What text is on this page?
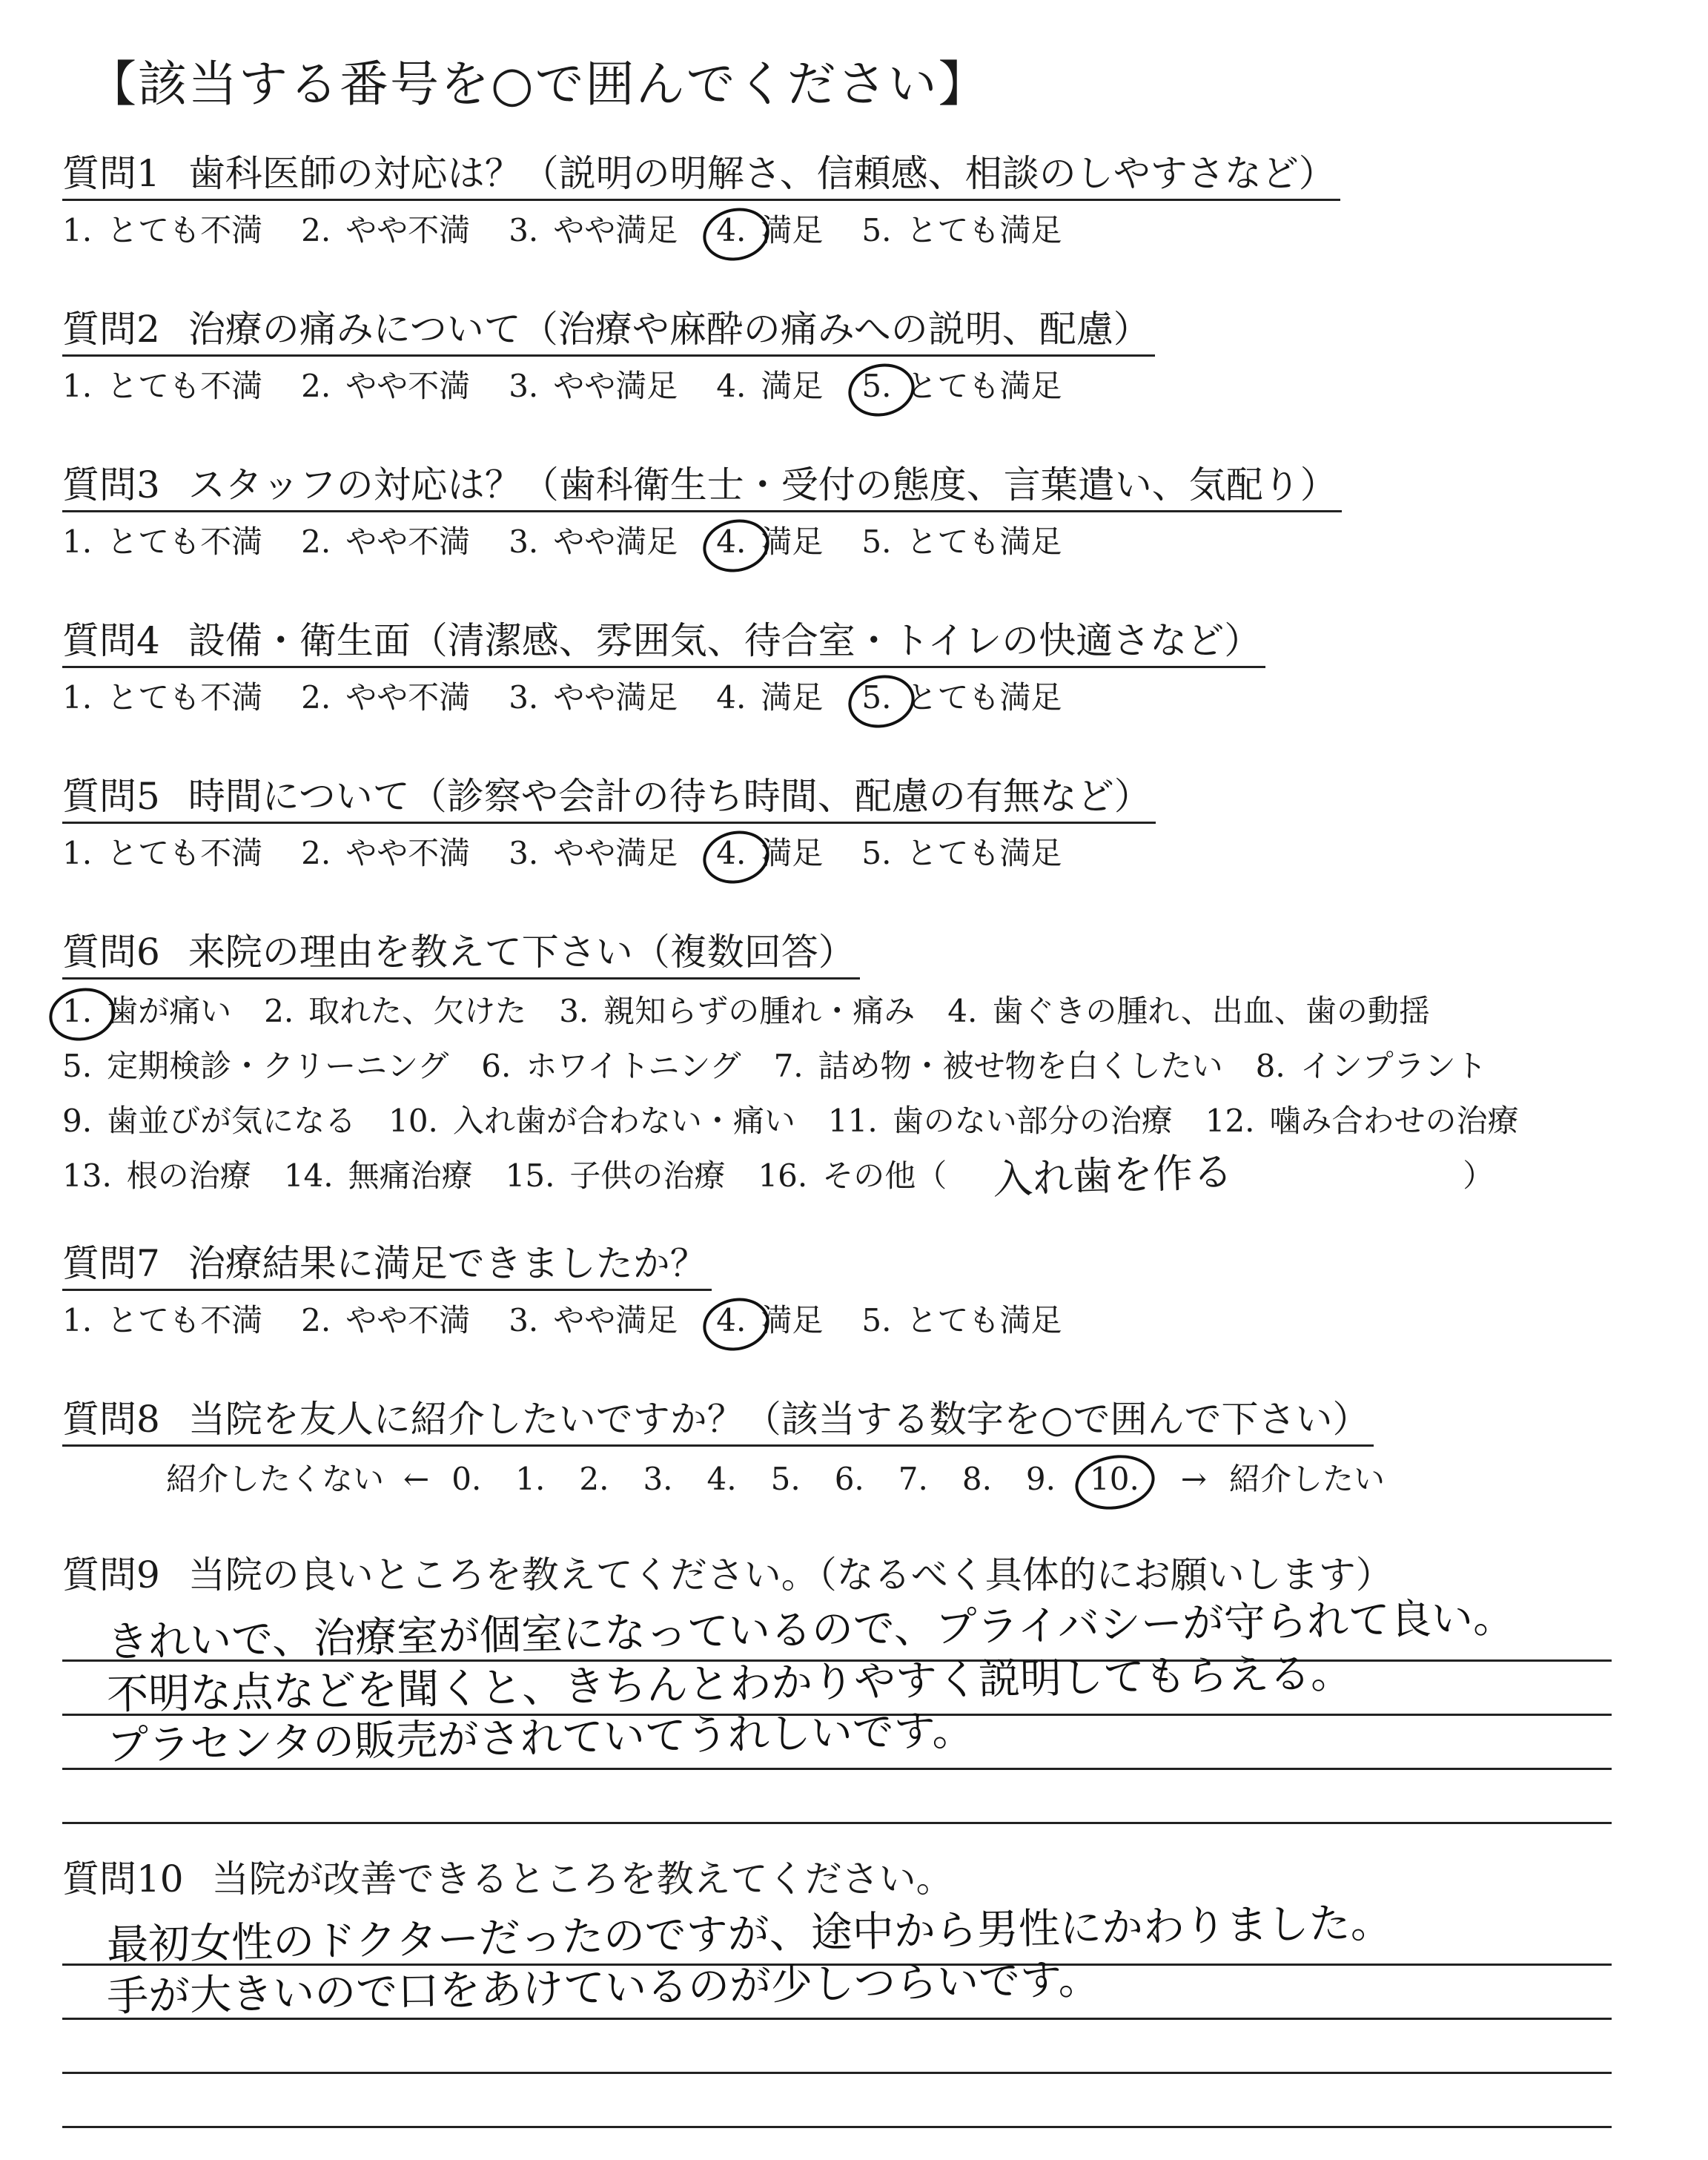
【該当する番号を○で囲んでください】
質問1 歯科医師の対応は？（説明の明解さ、信頼感、相談のしやすさなど）
1. とても不満 2. やや不満 3. やや満足 4. 満足 5. とても満足
質問2 治療の痛みについて（治療や麻酔の痛みへの説明、配慮）
1. とても不満 2. やや不満 3. やや満足 4. 満足 5. とても満足
質問3 スタッフの対応は？（歯科衛生士・受付の態度、言葉遣い、気配り）
1. とても不満 2. やや不満 3. やや満足 4. 満足 5. とても満足
質問4 設備・衛生面（清潔感、雰囲気、待合室・トイレの快適さなど）
1. とても不満 2. やや不満 3. やや満足 4. 満足 5. とても満足
質問5 時間について（診察や会計の待ち時間、配慮の有無など）
1. とても不満 2. やや不満 3. やや満足 4. 満足 5. とても満足
質問6 来院の理由を教えて下さい（複数回答）
1. 歯が痛い 2. 取れた、欠けた 3. 親知らずの腫れ・痛み 4. 歯ぐきの腫れ、出血、歯の動揺
5. 定期検診・クリーニング 6. ホワイトニング 7. 詰め物・被せ物を白くしたい 8. インプラント
9. 歯並びが気になる 10. 入れ歯が合わない・痛い 11. 歯のない部分の治療 12. 噛み合わせの治療
13. 根の治療 14. 無痛治療 15. 子供の治療 16. その他（ 入れ歯を作る	）
質問7 治療結果に満足できましたか？
1. とても不満 2. やや不満 3. やや満足 4. 満足 5. とても満足
質問8 当院を友人に紹介したいですか？（該当する数字を○で囲んで下さい）
紹介したくない ← 0. 1. 2. 3. 4. 5. 6. 7. 8. 9. 10. → 紹介したい
質問9 当院の良いところを教えてください。（なるべく具体的にお願いします）
きれいで、治療室が個室になっているので、プライバシーが守られて良い。
不明な点などを聞くと、きちんとわかりやすく説明してもらえる。
プラセンタの販売がされていてうれしいです。
質問10 当院が改善できるところを教えてください。
最初女性のドクターだったのですが、途中から男性にかわりました。
手が大きいので口をあけているのが少しつらいです。
